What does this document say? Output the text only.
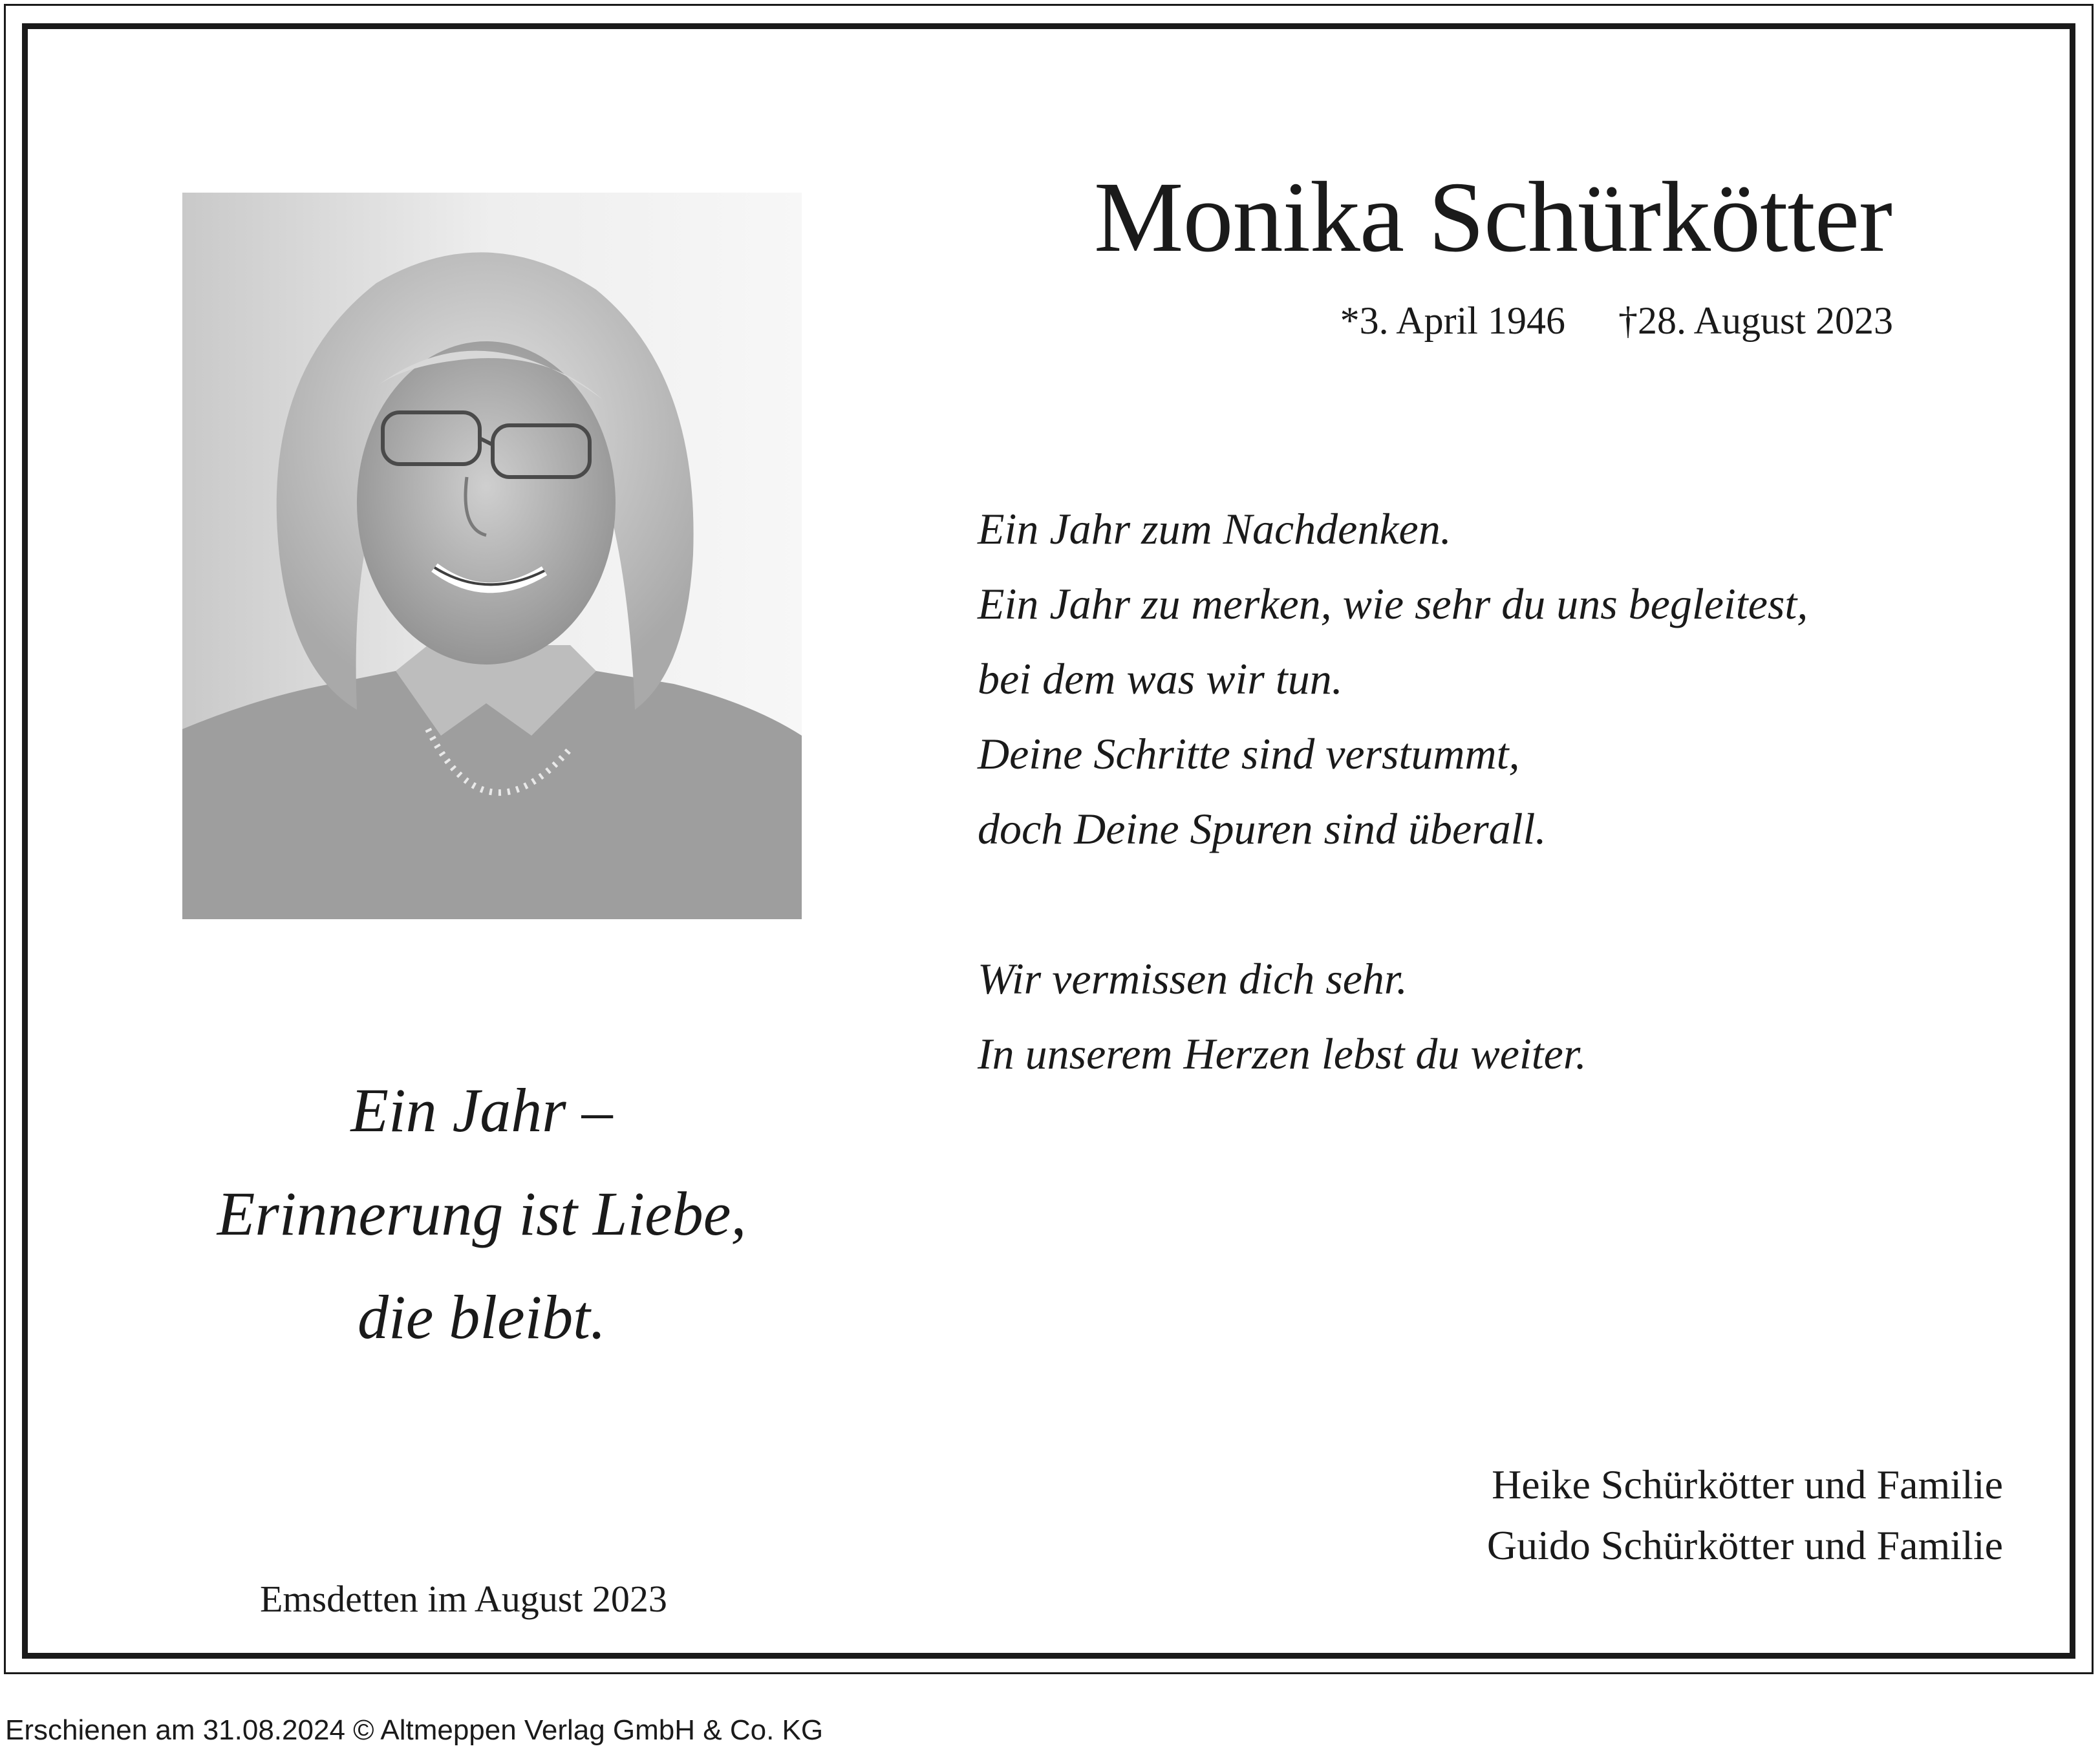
Monika Schürkötter
*3. April 1946 †28. August 2023
Ein Jahr zum Nachdenken.
Ein Jahr zu merken, wie sehr du uns begleitest,
bei dem was wir tun.
Deine Schritte sind verstummt,
doch Deine Spuren sind überall.
Wir vermissen dich sehr.
In unserem Herzen lebst du weiter.
Ein Jahr –
Erinnerung ist Liebe,
die bleibt.
Heike Schürkötter und Familie
Guido Schürkötter und Familie
Emsdetten im August 2023
Erschienen am 31.08.2024 © Altmeppen Verlag GmbH & Co. KG
